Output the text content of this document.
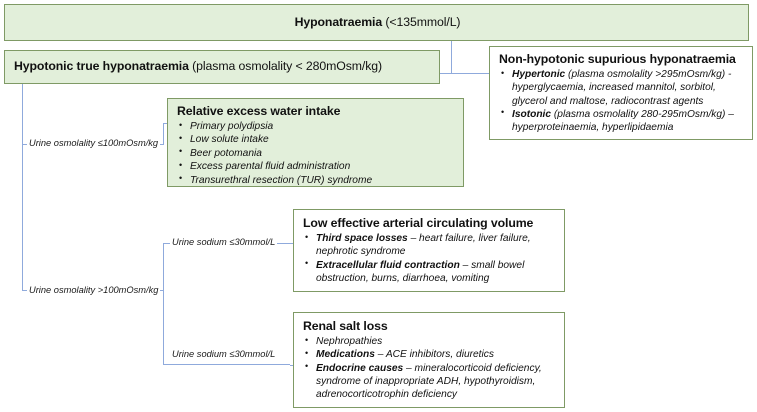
Hyponatraemia (<135mmol/L)
Hypotonic true hyponatraemia (plasma osmolality < 280mOsm/kg)	Non-hypotonic supurious hyponatraemia
• Hypertonic (plasma osmolality >295mOsm/kg) - hyperglycaemia, increased mannitol, sorbitol, glycerol and maltose, radiocontrast agents
• Isotonic (plasma osmolality 280-295mOsm/kg) – hyperproteinaemia, hyperlipidaemia
Relative excess water intake
• Primary polydipsia
• Low solute intake
• Beer potomania
• Excess parental fluid administration
• Transurethral resection (TUR) syndrome
Low effective arterial circulating volume
• Third space losses – heart failure, liver failure, nephrotic syndrome
• Extracellular fluid contraction – small bowel obstruction, burns, diarrhoea, vomiting
Renal salt loss
• Nephropathies
• Medications – ACE inhibitors, diuretics
• Endocrine causes – mineralocorticoid deficiency, syndrome of inappropriate ADH, hypothyroidism, adrenocorticotrophin deficiency
Urine osmolality ≤100mOsm/kg
Urine osmolality >100mOsm/kg
Urine sodium ≤30mmol/L
Urine sodium ≤30mmol/L
